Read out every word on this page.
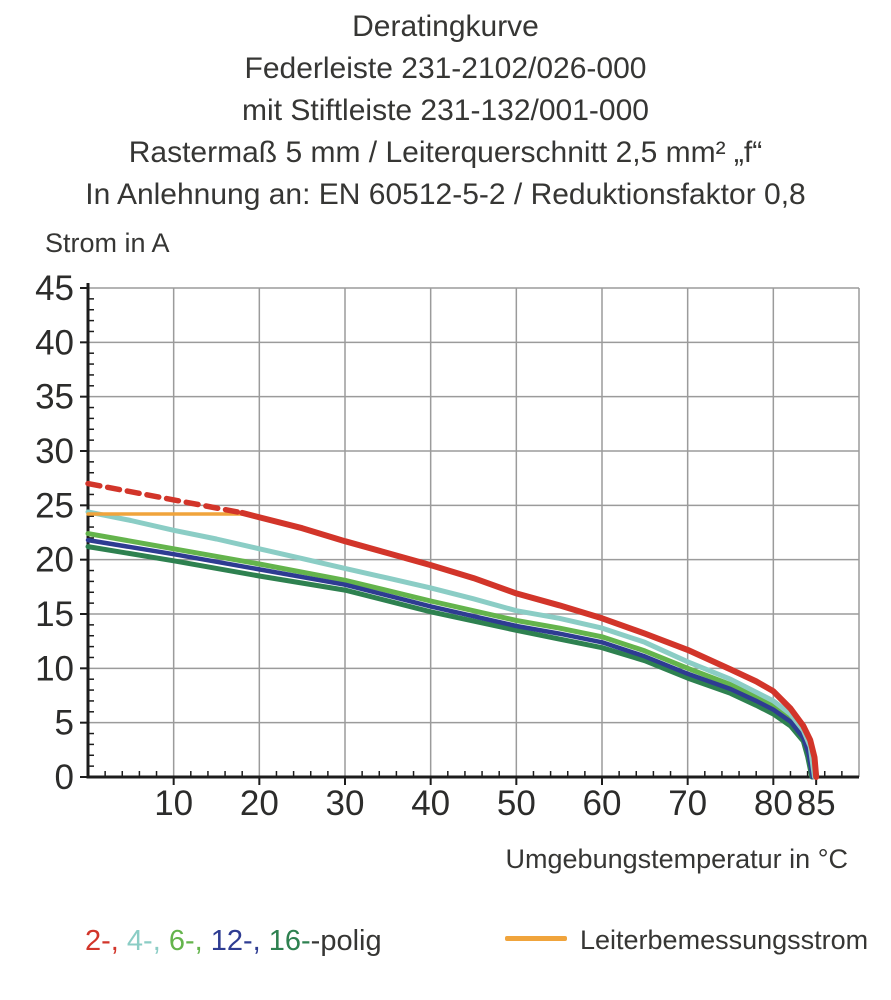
Deratingkurve
Federleiste 231-2102/026-000
mit Stiftleiste 231-132/001-000
Rastermaß 5 mm / Leiterquerschnitt 2,5 mm² „f“
In Anlehnung an: EN 60512-5-2 / Reduktionsfaktor 0,8
Strom in A
10 20 30 40 50 60 70 80 85
0
5
10
15
20
25
30
35
40
45
Umgebungstemperatur in °C
2-, 4-, 6-, 12-, 16--polig	Leiterbemessungsstrom
